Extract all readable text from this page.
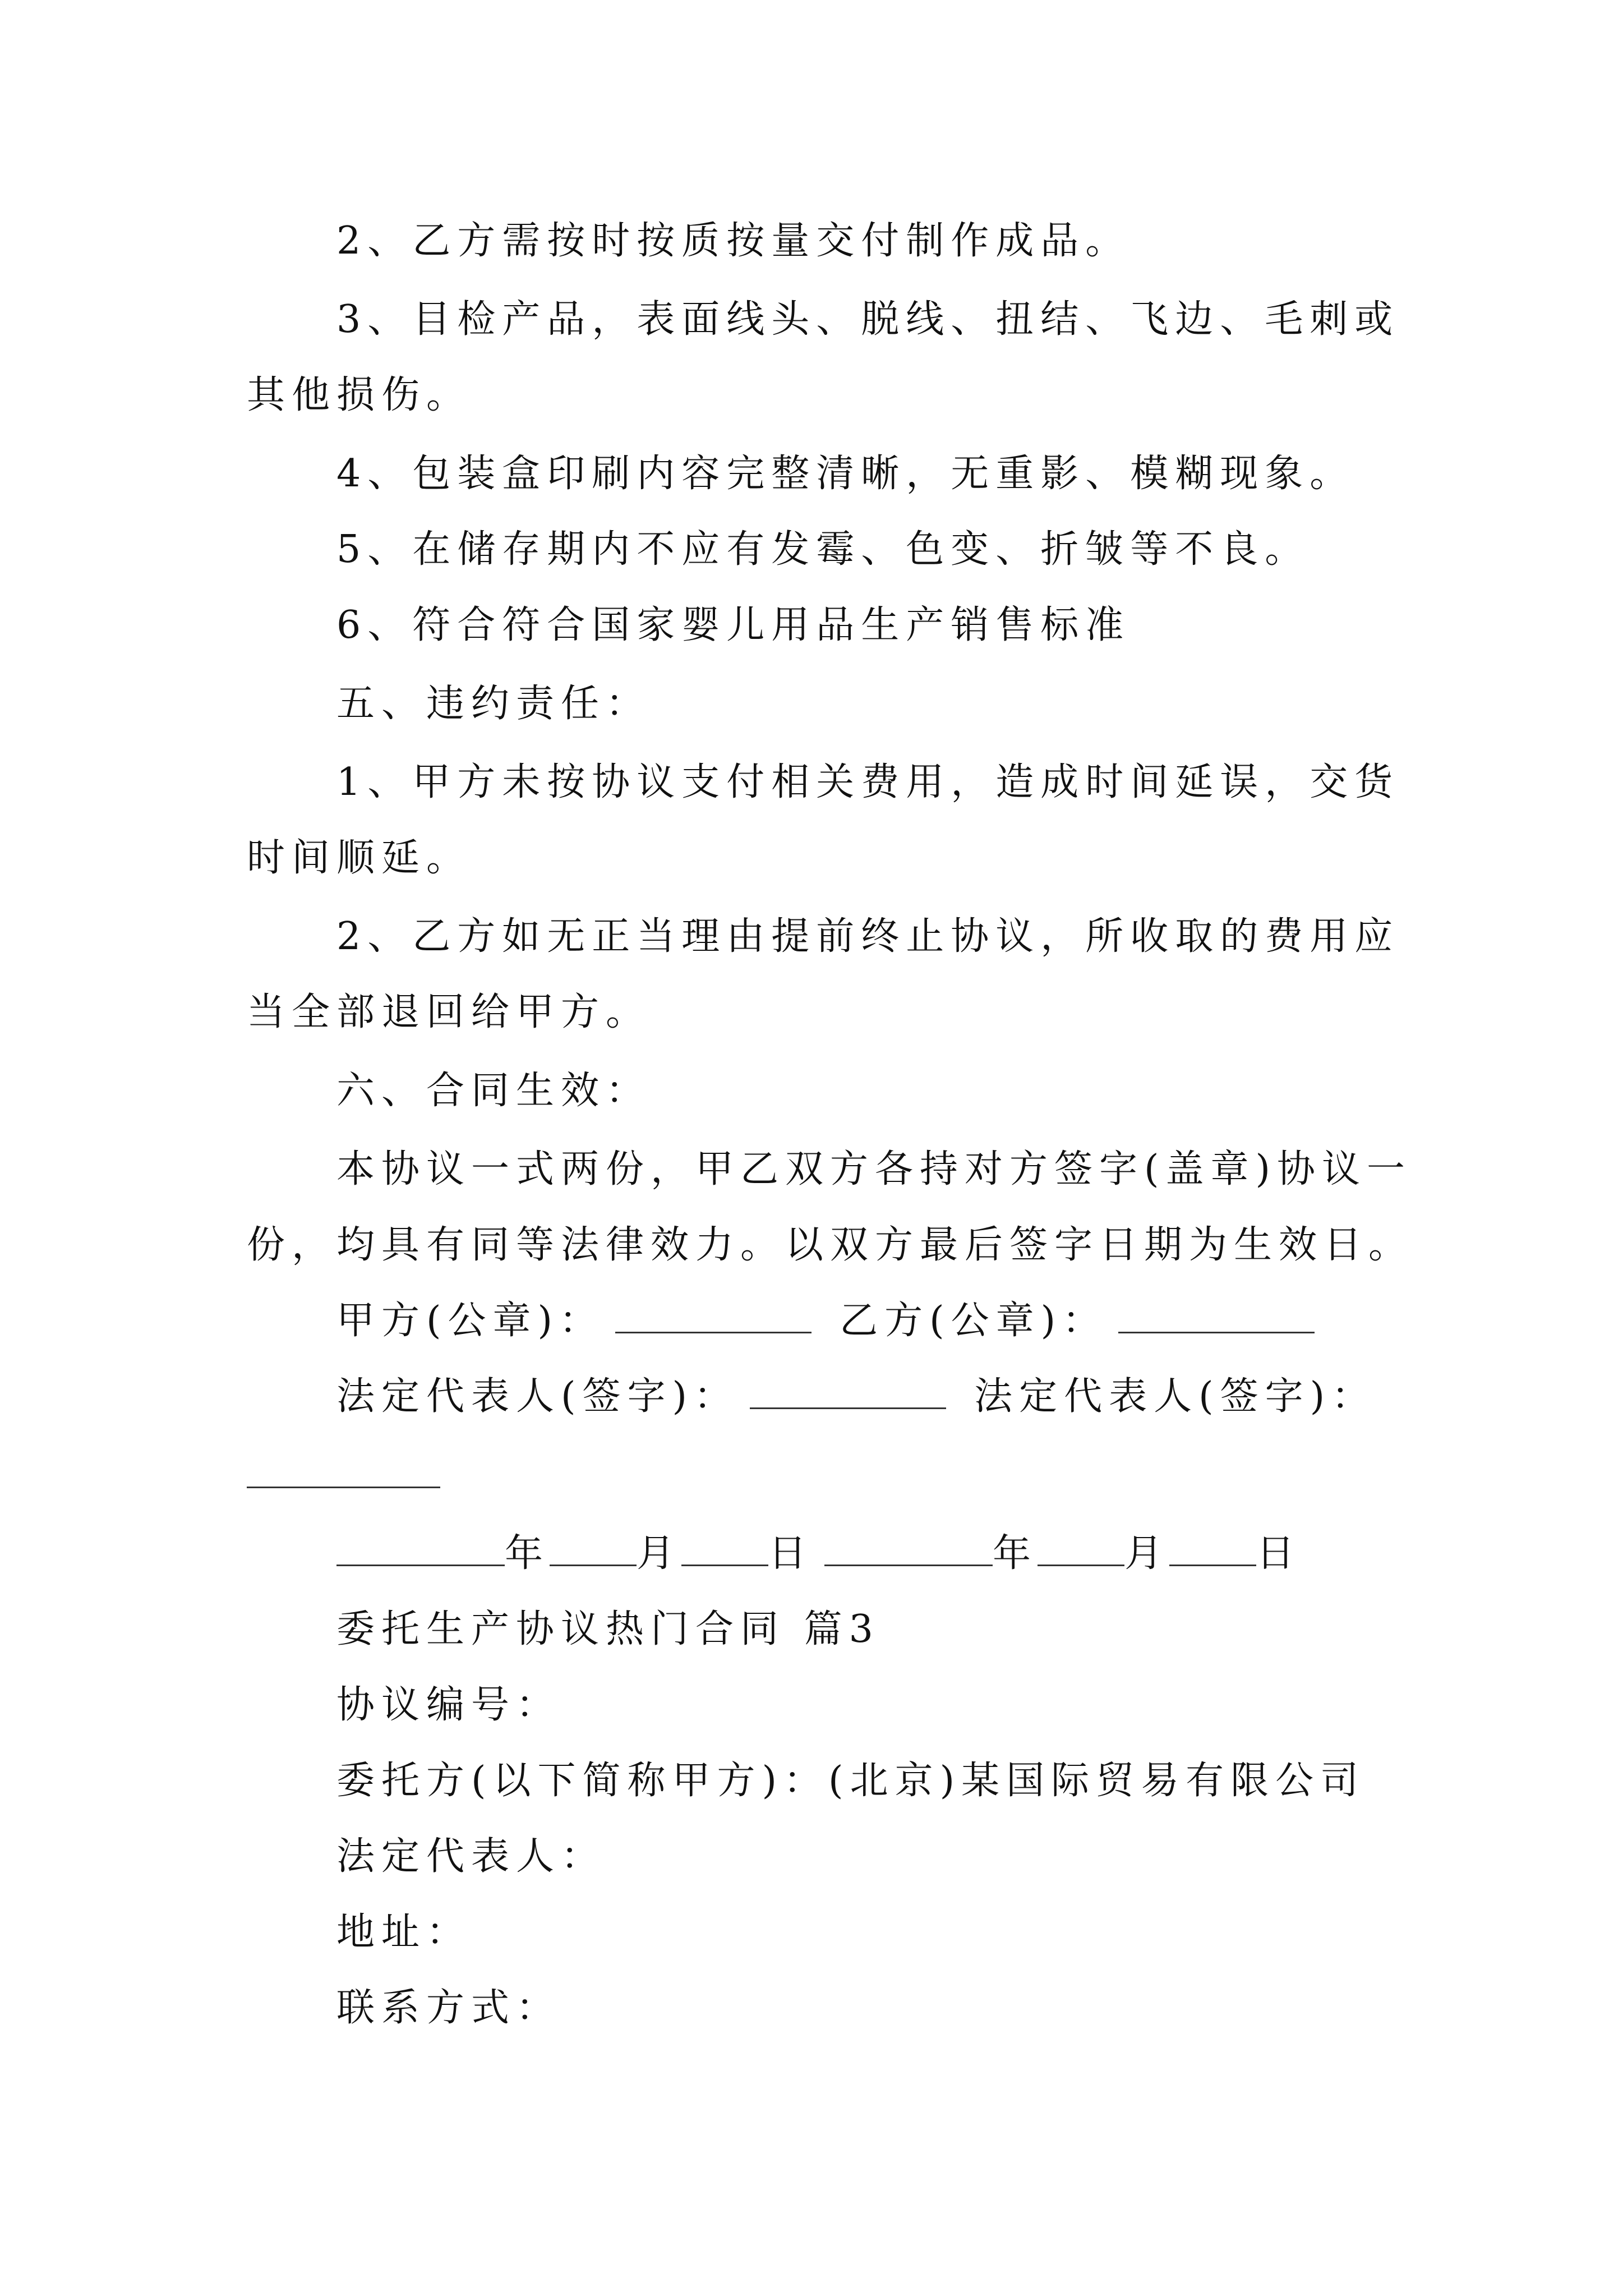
2、乙方需按时按质按量交付制作成品。
3、目检产品，表面线头、脱线、扭结、飞边、毛刺或
其他损伤。
4、包装盒印刷内容完整清晰，无重影、模糊现象。
5、在储存期内不应有发霉、色变、折皱等不良。
6、符合符合国家婴儿用品生产销售标准
五、违约责任：
1、甲方未按协议支付相关费用，造成时间延误，交货
时间顺延。
2、乙方如无正当理由提前终止协议，所收取的费用应
当全部退回给甲方。
六、合同生效：
本协议一式两份，甲乙双方各持对方签字(盖章)协议一
份，均具有同等法律效力。以双方最后签字日期为生效日。
甲方(公章)：	乙方(公章)：
法定代表人(签字)：	法定代表人(签字)：
年 月 日	年 月 日
委托生产协议热门合同 篇3
协议编号：
委托方(以下简称甲方)：(北京)某国际贸易有限公司
法定代表人：
地址：
联系方式：
